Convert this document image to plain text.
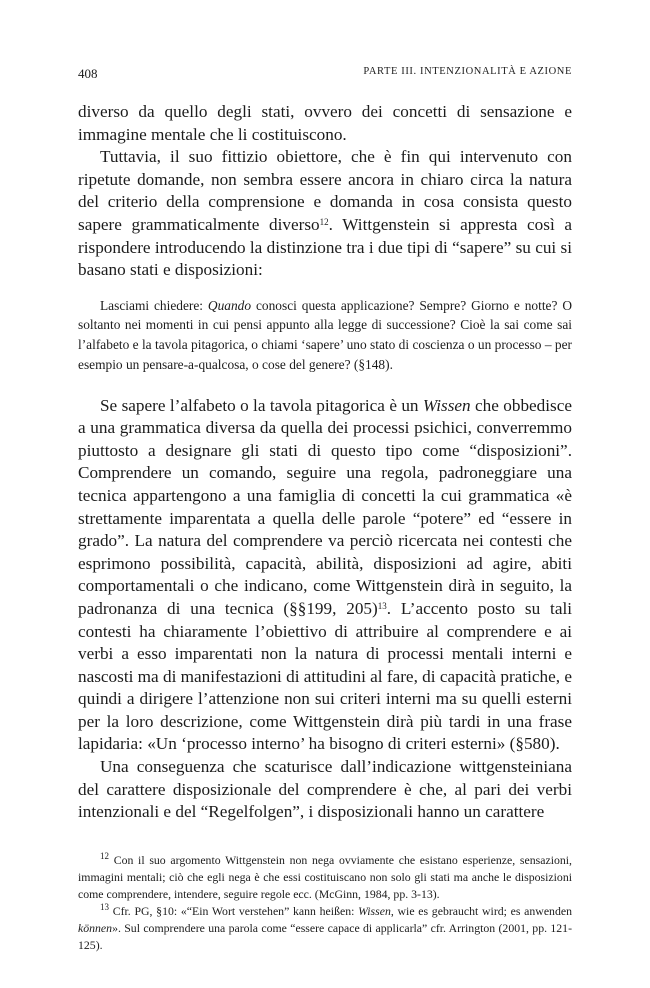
408	PARTE III. INTENZIONALITÀ E AZIONE

diverso da quello degli stati, ovvero dei concetti di sensazione e immagine mentale che li costituiscono.

Tuttavia, il suo fittizio obiettore, che è fin qui intervenuto con ripetute domande, non sembra essere ancora in chiaro circa la natura del criterio della comprensione e domanda in cosa consista questo sapere grammaticalmente diverso$^{12}$. Wittgenstein si appresta così a rispondere introducendo la distinzione tra i due tipi di “sapere” su cui si basano stati e disposizioni:

Lasciami chiedere: Quando conosci questa applicazione? Sempre? Giorno e notte? O soltanto nei momenti in cui pensi appunto alla legge di successione? Cioè la sai come sai l’alfabeto e la tavola pitagorica, o chiami ‘sapere’ uno stato di coscienza o un processo – per esempio un pensare-a-qualcosa, o cose del genere? (§148).

Se sapere l’alfabeto o la tavola pitagorica è un Wissen che obbedisce a una grammatica diversa da quella dei processi psichici, converremmo piuttosto a designare gli stati di questo tipo come “disposizioni”. Comprendere un comando, seguire una regola, padroneggiare una tecnica appartengono a una famiglia di concetti la cui grammatica «è strettamente imparentata a quella delle parole “potere” ed “essere in grado”. La natura del comprendere va perciò ricercata nei contesti che esprimono possibilità, capacità, abilità, disposizioni ad agire, abiti comportamentali o che indicano, come Wittgenstein dirà in seguito, la padronanza di una tecnica (§§199, 205)$^{13}$. L’accento posto su tali contesti ha chiaramente l’obiettivo di attribuire al comprendere e ai verbi a esso imparentati non la natura di processi mentali interni e nascosti ma di manifestazioni di attitudini al fare, di capacità pratiche, e quindi a dirigere l’attenzione non sui criteri interni ma su quelli esterni per la loro descrizione, come Wittgenstein dirà più tardi in una frase lapidaria: «Un ‘processo interno’ ha bisogno di criteri esterni» (§580).

Una conseguenza che scaturisce dall’indicazione wittgensteiniana del carattere disposizionale del comprendere è che, al pari dei verbi intenzionali e del “Regelfolgen”, i disposizionali hanno un carattere

$^{12}$ Con il suo argomento Wittgenstein non nega ovviamente che esistano esperienze, sensazioni, immagini mentali; ciò che egli nega è che essi costituiscano non solo gli stati ma anche le disposizioni come comprendere, intendere, seguire regole ecc. (McGinn, 1984, pp. 3-13).

$^{13}$ Cfr. PG, §10: «“Ein Wort verstehen” kann heißen: Wissen, wie es gebraucht wird; es anwenden können». Sul comprendere una parola come “essere capace di applicarla” cfr. Arrington (2001, pp. 121-125).
